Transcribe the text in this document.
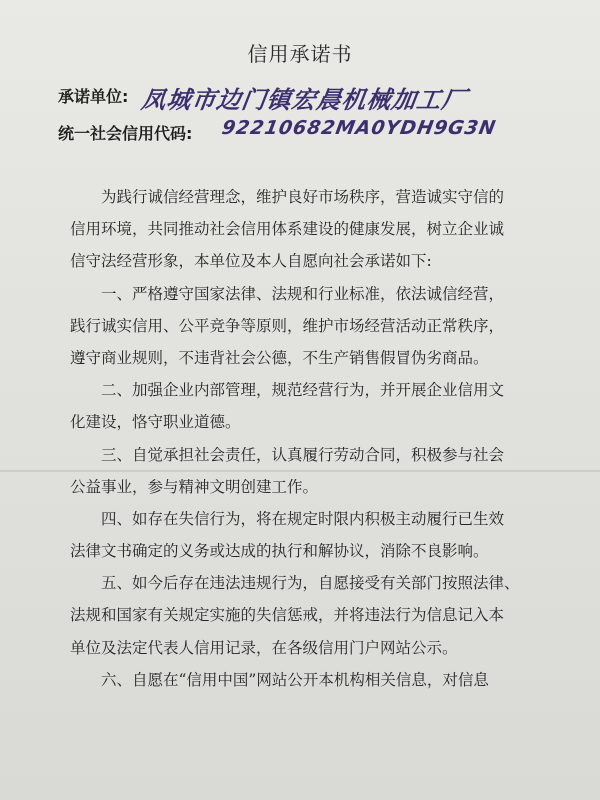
信用承诺书
承诺单位: 凤城市边门镇宏晨机械加工厂
统一社会信用代码: 92210682MA0YDH9G3N
为践行诚信经营理念，维护良好市场秩序，营造诚实守信的
信用环境，共同推动社会信用体系建设的健康发展，树立企业诚
信守法经营形象，本单位及本人自愿向社会承诺如下:
一、严格遵守国家法律、法规和行业标准，依法诚信经营，
践行诚实信用、公平竞争等原则，维护市场经营活动正常秩序，
遵守商业规则，不违背社会公德，不生产销售假冒伪劣商品。
二、加强企业内部管理，规范经营行为，并开展企业信用文
化建设，恪守职业道德。
三、自觉承担社会责任，认真履行劳动合同，积极参与社会
公益事业，参与精神文明创建工作。
四、如存在失信行为，将在规定时限内积极主动履行已生效
法律文书确定的义务或达成的执行和解协议，消除不良影响。
五、如今后存在违法违规行为，自愿接受有关部门按照法律、
法规和国家有关规定实施的失信惩戒，并将违法行为信息记入本
单位及法定代表人信用记录，在各级信用门户网站公示。
六、自愿在“信用中国”网站公开本机构相关信息，对信息
